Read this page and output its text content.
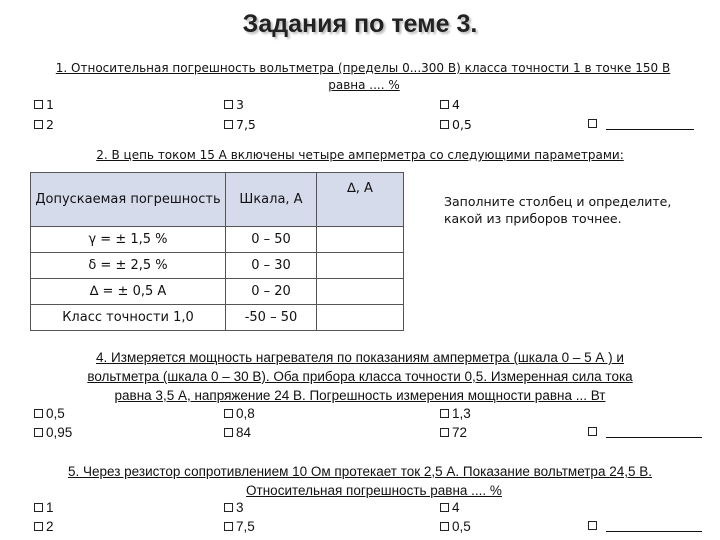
Задания по теме 3.
1. Относительная погрешность вольтметра (пределы 0...300 В) класса точности 1 в точке 150 В
равна .... %
1	3	4
2	7,5	0,5
2. В цепь током 15 А включены четыре амперметра со следующими параметрами:
Допускаемая погрешность	Шкала, А	∆, А
γ = ± 1,5 %	0 – 50	
δ = ± 2,5 %	0 – 30	
∆ = ± 0,5 А	0 – 20	
Класс точности 1,0	-50 – 50	
Заполните столбец и определите, какой из приборов точнее.
4. Измеряется мощность нагревателя по показаниям амперметра (шкала 0 – 5 А ) и
вольтметра (шкала 0 – 30 В). Оба прибора класса точности 0,5. Измеренная сила тока
равна 3,5 А, напряжение 24 В. Погрешность измерения мощности равна ... Вт
0,5	0,8	1,3
0,95	84	72
5. Через резистор сопротивлением 10 Ом протекает ток 2,5 А. Показание вольтметра 24,5 В.
Относительная погрешность равна .... %
1	3	4
2	7,5	0,5
